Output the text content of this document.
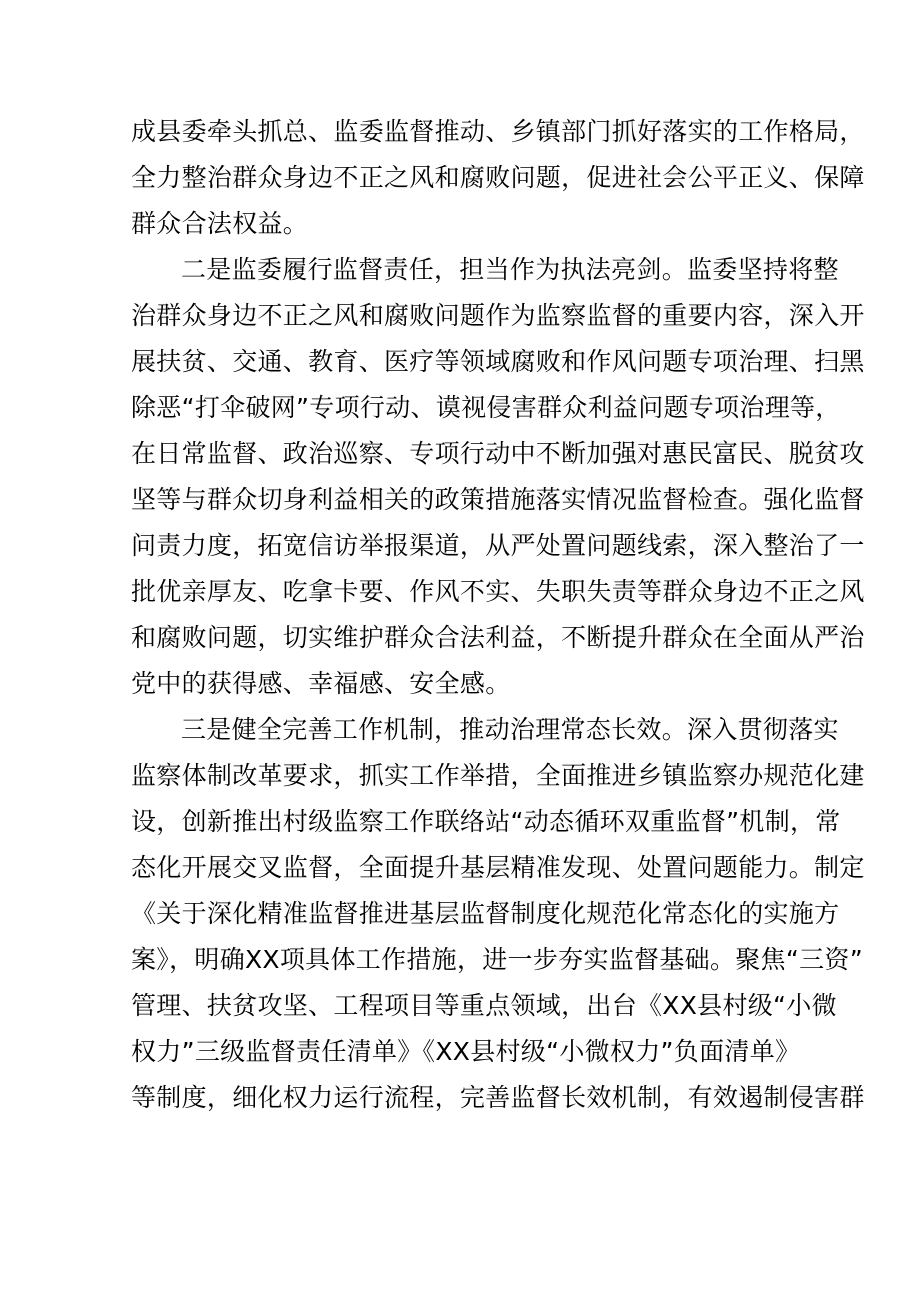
成县委牵头抓总、监委监督推动、乡镇部门抓好落实的工作格局，
全力整治群众身边不正之风和腐败问题，促进社会公平正义、保障
群众合法权益。
二是监委履行监督责任，担当作为执法亮剑。监委坚持将整
治群众身边不正之风和腐败问题作为监察监督的重要内容，深入开
展扶贫、交通、教育、医疗等领域腐败和作风问题专项治理、扫黑
除恶“打伞破网”专项行动、谟视侵害群众利益问题专项治理等，
在日常监督、政治巡察、专项行动中不断加强对惠民富民、脱贫攻
坚等与群众切身利益相关的政策措施落实情况监督检查。强化监督
问责力度，拓宽信访举报渠道，从严处置问题线索，深入整治了一
批优亲厚友、吃拿卡要、作风不实、失职失责等群众身边不正之风
和腐败问题，切实维护群众合法利益，不断提升群众在全面从严治
党中的获得感、幸福感、安全感。
三是健全完善工作机制，推动治理常态长效。深入贯彻落实
监察体制改革要求，抓实工作举措，全面推进乡镇监察办规范化建
设，创新推出村级监察工作联络站“动态循环双重监督”机制，常
态化开展交叉监督，全面提升基层精准发现、处置问题能力。制定
《关于深化精准监督推进基层监督制度化规范化常态化的实施方
案》，明确XX项具体工作措施，进一步夯实监督基础。聚焦“三资”
管理、扶贫攻坚、工程项目等重点领域，出台《XX县村级“小微
权力”三级监督责任清单》《XX县村级“小微权力”负面清单》
等制度，细化权力运行流程，完善监督长效机制，有效遏制侵害群
